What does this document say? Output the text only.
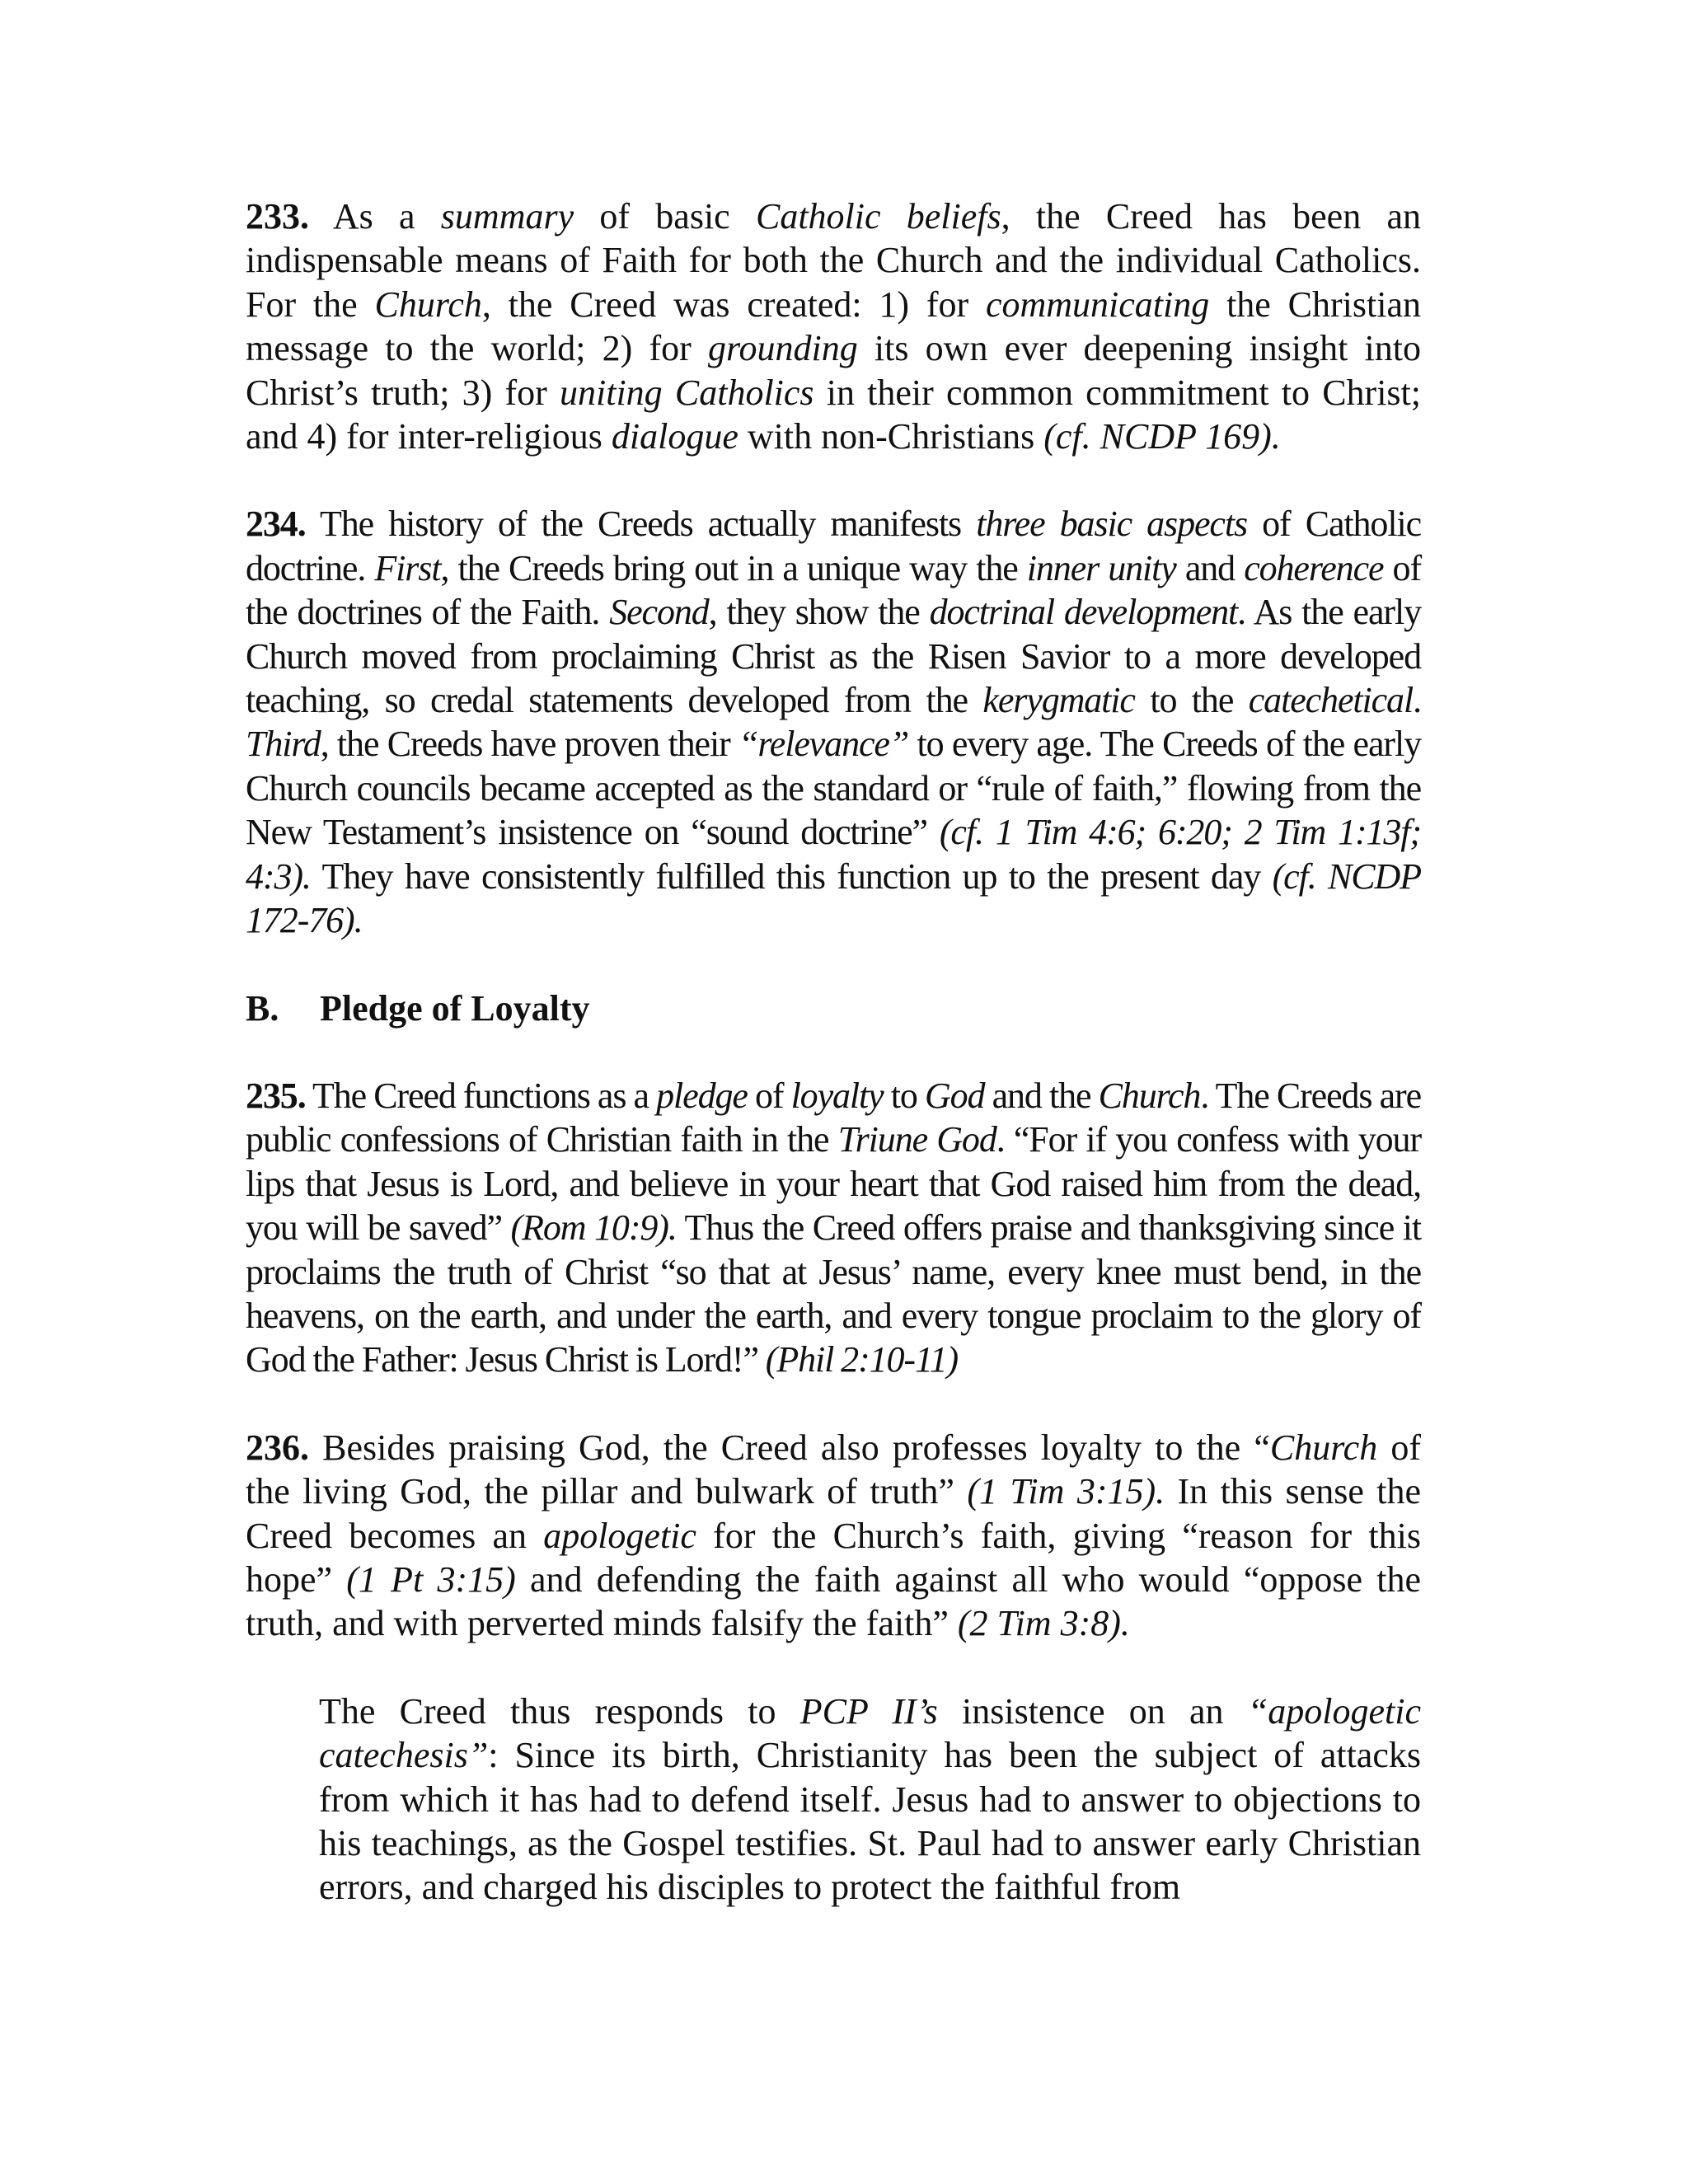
233. As a summary of basic Catholic beliefs, the Creed has been an indispensable means of Faith for both the Church and the individual Catholics. For the Church, the Creed was created: 1) for communicating the Christian message to the world; 2) for grounding its own ever deepening insight into Christ’s truth; 3) for uniting Catholics in their common commitment to Christ; and 4) for inter-religious dialogue with non-Christians (cf. NCDP 169).

234. The history of the Creeds actually manifests three basic aspects of Catholic doctrine. First, the Creeds bring out in a unique way the inner unity and coherence of the doctrines of the Faith. Second, they show the doctrinal development. As the early Church moved from proclaiming Christ as the Risen Savior to a more developed teaching, so credal statements developed from the kerygmatic to the catechetical. Third, the Creeds have proven their “relevance” to every age. The Creeds of the early Church councils became accepted as the standard or “rule of faith,” flowing from the New Testament’s insistence on “sound doctrine” (cf. 1 Tim 4:6; 6:20; 2 Tim 1:13f; 4:3). They have consistently fulfilled this function up to the present day (cf. NCDP 172-76).

B. Pledge of Loyalty

235. The Creed functions as a pledge of loyalty to God and the Church. The Creeds are public confessions of Christian faith in the Triune God. “For if you confess with your lips that Jesus is Lord, and believe in your heart that God raised him from the dead, you will be saved” (Rom 10:9). Thus the Creed offers praise and thanksgiving since it proclaims the truth of Christ “so that at Jesus’ name, every knee must bend, in the heavens, on the earth, and under the earth, and every tongue proclaim to the glory of God the Father: Jesus Christ is Lord!” (Phil 2:10-11)

236. Besides praising God, the Creed also professes loyalty to the “Church of the living God, the pillar and bulwark of truth” (1 Tim 3:15). In this sense the Creed becomes an apologetic for the Church’s faith, giving “reason for this hope” (1 Pt 3:15) and defending the faith against all who would “oppose the truth, and with perverted minds falsify the faith” (2 Tim 3:8).

The Creed thus responds to PCP II’s insistence on an “apologetic catechesis”: Since its birth, Christianity has been the subject of attacks from which it has had to defend itself. Jesus had to answer to objections to his teachings, as the Gospel testifies. St. Paul had to answer early Christian errors, and charged his disciples to protect the faithful from
